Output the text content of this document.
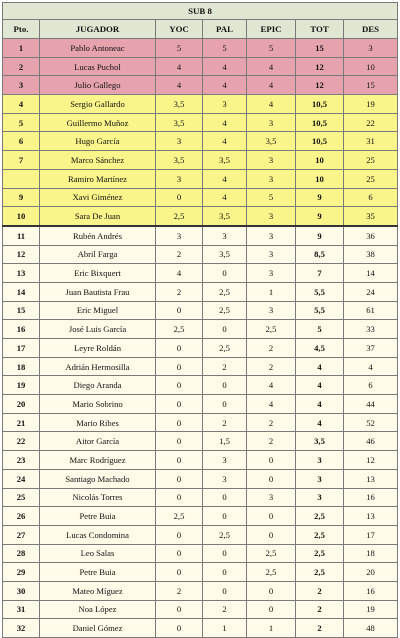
SUB 8						
Pto.	JUGADOR	YOC	PAL	EPIC	TOT	DES
1	Pablo Antoneac	5	5	5	15	3
2	Lucas Puchol	4	4	4	12	10
3	Julio Gallego	4	4	4	12	15
4	Sergio Gallardo	3,5	3	4	10,5	19
5	Guillermo Muñoz	3,5	4	3	10,5	22
6	Hugo García	3	4	3,5	10,5	31
7	Marco Sánchez	3,5	3,5	3	10	25
	Ramiro Martínez	3	4	3	10	25
9	Xavi Giménez	0	4	5	9	6
10	Sara De Juan	2,5	3,5	3	9	35
11	Rubén Andrés	3	3	3	9	36
12	Abril Farga	2	3,5	3	8,5	38
13	Eric Bixquert	4	0	3	7	14
14	Juan Bautista Frau	2	2,5	1	5,5	24
15	Eric Miguel	0	2,5	3	5,5	61
16	José Luis García	2,5	0	2,5	5	33
17	Leyre Roldán	0	2,5	2	4,5	37
18	Adrián Hermosilla	0	2	2	4	4
19	Diego Aranda	0	0	4	4	6
20	Mario Sobrino	0	0	4	4	44
21	Mario Ribes	0	2	2	4	52
22	Aitor García	0	1,5	2	3,5	46
23	Marc Rodríguez	0	3	0	3	12
24	Santiago Machado	0	3	0	3	13
25	Nicolás Torres	0	0	3	3	16
26	Petre Buia	2,5	0	0	2,5	13
27	Lucas Condomina	0	2,5	0	2,5	17
28	Leo Salas	0	0	2,5	2,5	18
29	Petre Buia	0	0	2,5	2,5	20
30	Mateo Míguez	2	0	0	2	16
31	Noa López	0	2	0	2	19
32	Daniel Gómez	0	1	1	2	48
